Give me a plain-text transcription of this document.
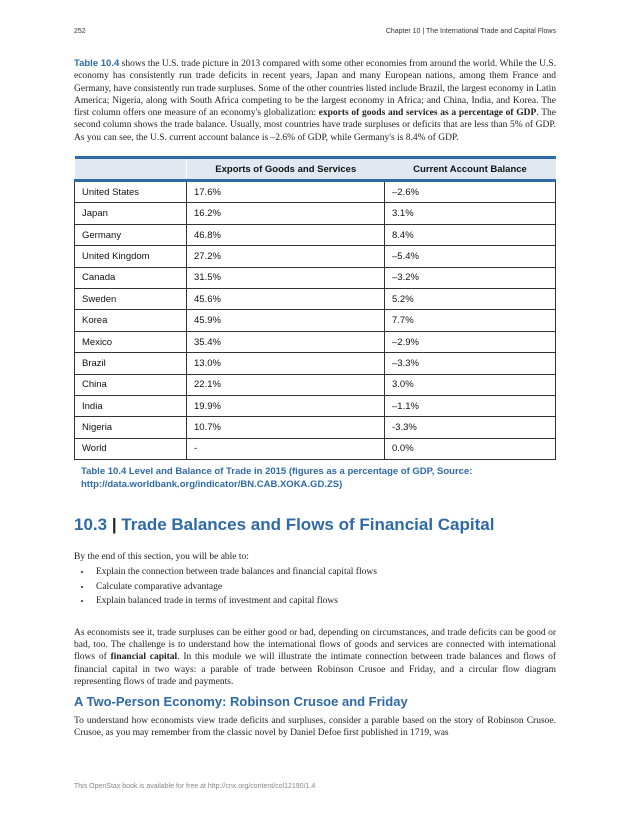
252	Chapter 10 | The International Trade and Capital Flows

Table 10.4 shows the U.S. trade picture in 2013 compared with some other economies from around the world. While the U.S. economy has consistently run trade deficits in recent years, Japan and many European nations, among them France and Germany, have consistently run trade surpluses. Some of the other countries listed include Brazil, the largest economy in Latin America; Nigeria, along with South Africa competing to be the largest economy in Africa; and China, India, and Korea. The first column offers one measure of an economy's globalization: exports of goods and services as a percentage of GDP. The second column shows the trade balance. Usually, most countries have trade surpluses or deficits that are less than 5% of GDP. As you can see, the U.S. current account balance is –2.6% of GDP, while Germany's is 8.4% of GDP.

	Exports of Goods and Services	Current Account Balance
United States	17.6%	–2.6%
Japan	16.2%	3.1%
Germany	46.8%	8.4%
United Kingdom	27.2%	–5.4%
Canada	31.5%	–3.2%
Sweden	45.6%	5.2%
Korea	45.9%	7.7%
Mexico	35.4%	–2.9%
Brazil	13.0%	–3.3%
China	22.1%	3.0%
India	19.9%	–1.1%
Nigeria	10.7%	-3.3%
World	-	0.0%
Table 10.4 Level and Balance of Trade in 2015 (figures as a percentage of GDP, Source: http://data.worldbank.org/indicator/BN.CAB.XOKA.GD.ZS)
10.3 | Trade Balances and Flows of Financial Capital
By the end of this section, you will be able to:
• Explain the connection between trade balances and financial capital flows
• Calculate comparative advantage
• Explain balanced trade in terms of investment and capital flows

As economists see it, trade surpluses can be either good or bad, depending on circumstances, and trade deficits can be good or bad, too. The challenge is to understand how the international flows of goods and services are connected with international flows of financial capital. In this module we will illustrate the intimate connection between trade balances and flows of financial capital in two ways: a parable of trade between Robinson Crusoe and Friday, and a circular flow diagram representing flows of trade and payments.

A Two-Person Economy: Robinson Crusoe and Friday

To understand how economists view trade deficits and surpluses, consider a parable based on the story of Robinson Crusoe. Crusoe, as you may remember from the classic novel by Daniel Defoe first published in 1719, was

This OpenStax book is available for free at http://cnx.org/content/col12190/1.4
